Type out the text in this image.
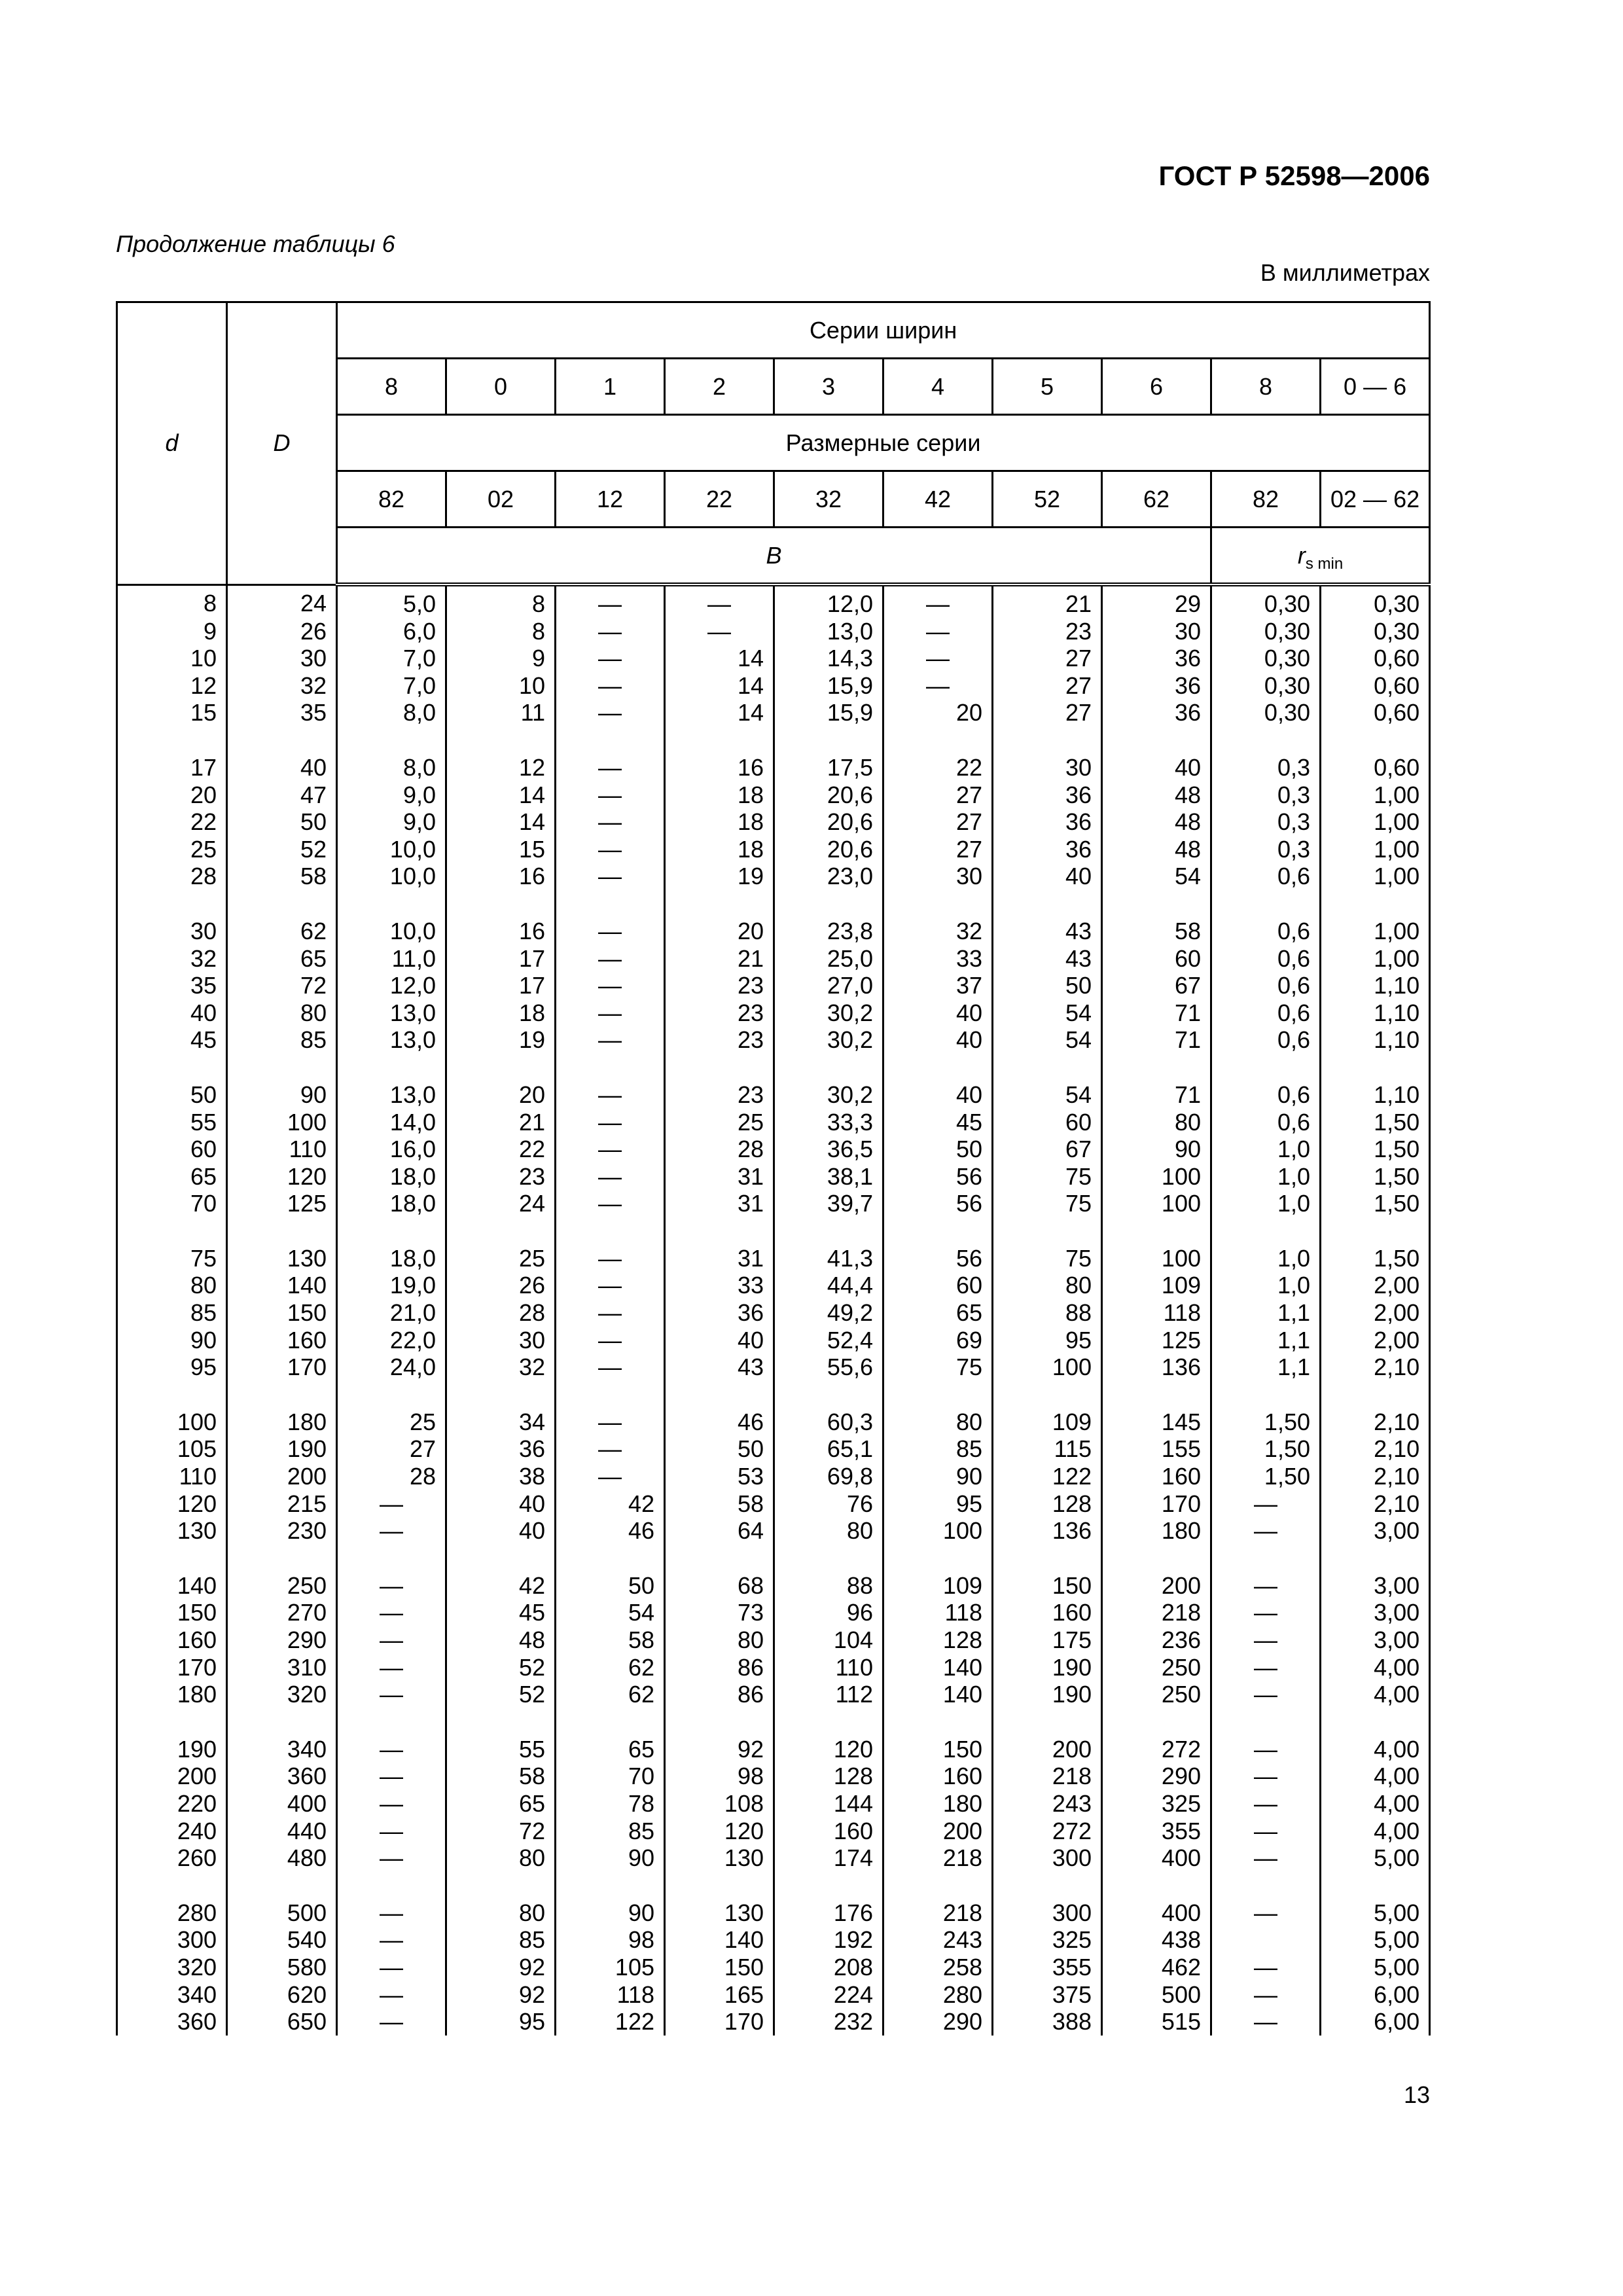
ГОСТ Р 52598—2006
Продолжение таблицы 6
В миллиметрах
d	D	Серии ширин									
		8	0	1	2	3	4	5	6	8	0 — 6
		Размерные серии									
		82	02	12	22	32	42	52	62	82	02 — 62
		B								$r_{s min}$
8	24	5,0	8	—	—	12,0	—	21	29	0,30	0,30
9	26	6,0	8	—	—	13,0	—	23	30	0,30	0,30
10	30	7,0	9	—	14	14,3	—	27	36	0,30	0,60
12	32	7,0	10	—	14	15,9	—	27	36	0,30	0,60
15	35	8,0	11	—	14	15,9	20	27	36	0,30	0,60

17	40	8,0	12	—	16	17,5	22	30	40	0,3	0,60
20	47	9,0	14	—	18	20,6	27	36	48	0,3	1,00
22	50	9,0	14	—	18	20,6	27	36	48	0,3	1,00
25	52	10,0	15	—	18	20,6	27	36	48	0,3	1,00
28	58	10,0	16	—	19	23,0	30	40	54	0,6	1,00

30	62	10,0	16	—	20	23,8	32	43	58	0,6	1,00
32	65	11,0	17	—	21	25,0	33	43	60	0,6	1,00
35	72	12,0	17	—	23	27,0	37	50	67	0,6	1,10
40	80	13,0	18	—	23	30,2	40	54	71	0,6	1,10
45	85	13,0	19	—	23	30,2	40	54	71	0,6	1,10

50	90	13,0	20	—	23	30,2	40	54	71	0,6	1,10
55	100	14,0	21	—	25	33,3	45	60	80	0,6	1,50
60	110	16,0	22	—	28	36,5	50	67	90	1,0	1,50
65	120	18,0	23	—	31	38,1	56	75	100	1,0	1,50
70	125	18,0	24	—	31	39,7	56	75	100	1,0	1,50

75	130	18,0	25	—	31	41,3	56	75	100	1,0	1,50
80	140	19,0	26	—	33	44,4	60	80	109	1,0	2,00
85	150	21,0	28	—	36	49,2	65	88	118	1,1	2,00
90	160	22,0	30	—	40	52,4	69	95	125	1,1	2,00
95	170	24,0	32	—	43	55,6	75	100	136	1,1	2,10

100	180	25	34	—	46	60,3	80	109	145	1,50	2,10
105	190	27	36	—	50	65,1	85	115	155	1,50	2,10
110	200	28	38	—	53	69,8	90	122	160	1,50	2,10
120	215	—	40	42	58	76	95	128	170	—	2,10
130	230	—	40	46	64	80	100	136	180	—	3,00

140	250	—	42	50	68	88	109	150	200	—	3,00
150	270	—	45	54	73	96	118	160	218	—	3,00
160	290	—	48	58	80	104	128	175	236	—	3,00
170	310	—	52	62	86	110	140	190	250	—	4,00
180	320	—	52	62	86	112	140	190	250	—	4,00

190	340	—	55	65	92	120	150	200	272	—	4,00
200	360	—	58	70	98	128	160	218	290	—	4,00
220	400	—	65	78	108	144	180	243	325	—	4,00
240	440	—	72	85	120	160	200	272	355	—	4,00
260	480	—	80	90	130	174	218	300	400	—	5,00

280	500	—	80	90	130	176	218	300	400	—	5,00
300	540	—	85	98	140	192	243	325	438		5,00
320	580	—	92	105	150	208	258	355	462	—	5,00
340	620	—	92	118	165	224	280	375	500	—	6,00
360	650	—	95	122	170	232	290	388	515	—	6,00
13
